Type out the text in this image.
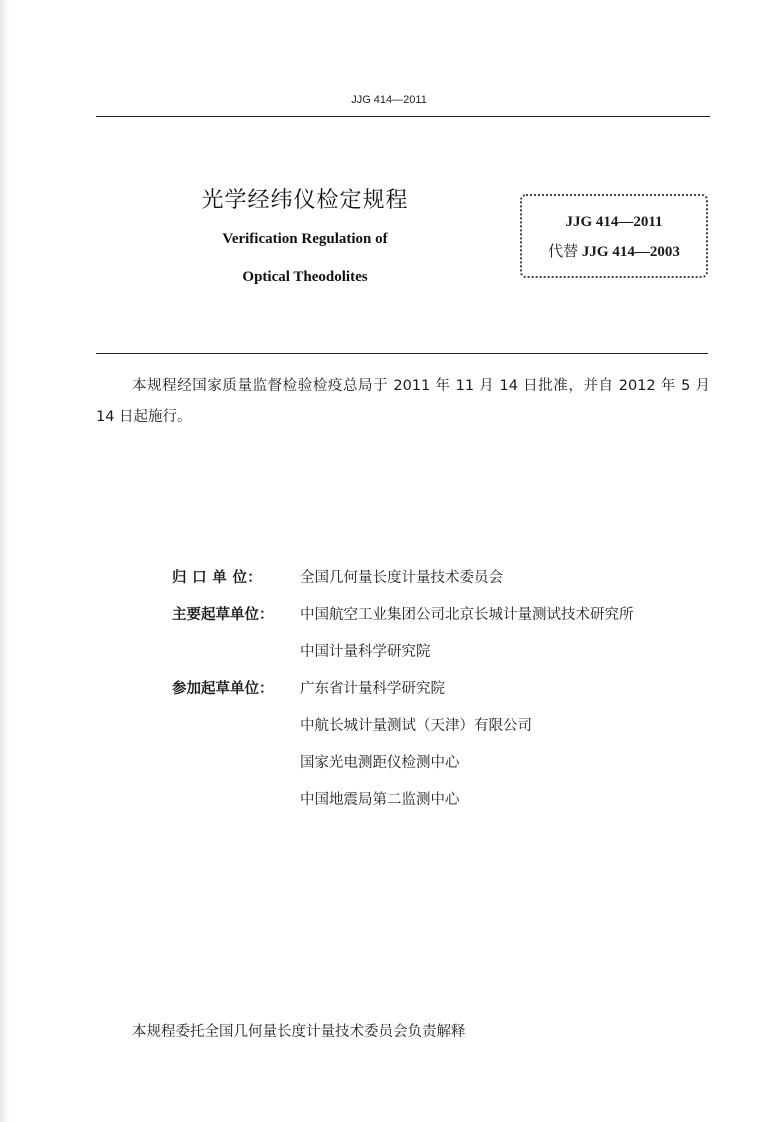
JJG 414—2011
光学经纬仪检定规程
Verification Regulation of
Optical Theodolites
JJG 414—2011
代替 JJG 414—2003
本规程经国家质量监督检验检疫总局于 2011 年 11 月 14 日批准，并自 2012 年 5 月 14 日起施行。
归 口 单 位：	全国几何量长度计量技术委员会
主要起草单位：	中国航空工业集团公司北京长城计量测试技术研究所
中国计量科学研究院
参加起草单位：	广东省计量科学研究院
中航长城计量测试（天津）有限公司
国家光电测距仪检测中心
中国地震局第二监测中心
本规程委托全国几何量长度计量技术委员会负责解释
